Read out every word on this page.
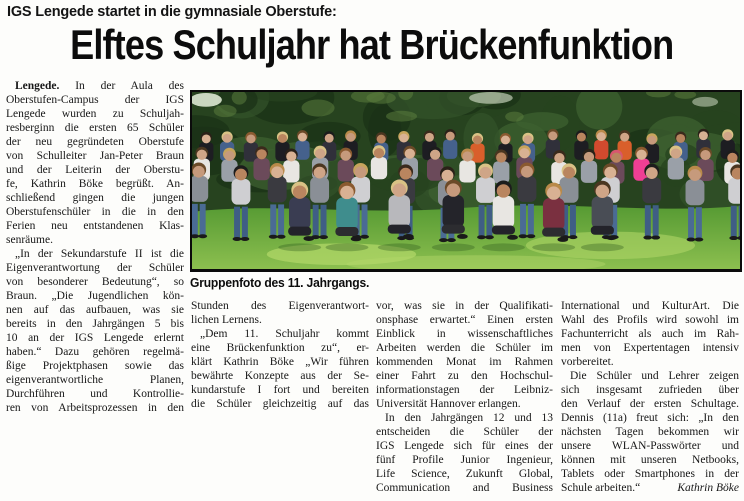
IGS Lengede startet in die gymnasiale Oberstufe:
Elftes Schuljahr hat Brückenfunktion
Lengede. In der Aula des
Oberstufen-Campus der IGS
Lengede wurden zu Schuljah-
resberginn die ersten 65 Schüler
der neu gegründeten Oberstufe
von Schulleiter Jan-Peter Braun
und der Leiterin der Oberstu-
fe, Kathrin Böke begrüßt. An-
schließend gingen die jungen
Oberstufenschüler in die in den
Ferien neu entstandenen Klas-
senräume.
„In der Sekundarstufe II ist die
Eigenverantwortung der Schüler
von besonderer Bedeutung“, so
Braun. „Die Jugendlichen kön-
nen auf das aufbauen, was sie
bereits in den Jahrgängen 5 bis
10 an der IGS Lengede erlernt
haben.“ Dazu gehören regelmä-
ßige Projektphasen sowie das
eigenverantwortliche Planen,
Durchführen und Kontrollie-
ren von Arbeitsprozessen in den
Gruppenfoto des 11. Jahrgangs.
Stunden des Eigenverantwort-
lichen Lernens.
„Dem 11. Schuljahr kommt
eine Brückenfunktion zu“, er-
klärt Kathrin Böke „Wir führen
bewährte Konzepte aus der Se-
kundarstufe I fort und bereiten
die Schüler gleichzeitig auf das
vor, was sie in der Qualifikati-
onsphase erwartet.“ Einen ersten
Einblick in wissenschaftliches
Arbeiten werden die Schüler im
kommenden Monat im Rahmen
einer Fahrt zu den Hochschul-
informationstagen der Leibniz-
Universität Hannover erlangen.
In den Jahrgängen 12 und 13
entscheiden die Schüler der
IGS Lengede sich für eines der
fünf Profile Junior Ingenieur,
Life Science, Zukunft Global,
Communication and Business
International und KulturArt. Die
Wahl des Profils wird sowohl im
Fachunterricht als auch im Rah-
men von Expertentagen intensiv
vorbereitet.
Die Schüler und Lehrer zeigen
sich insgesamt zufrieden über
den Verlauf der ersten Schultage.
Dennis (11a) freut sich: „In den
nächsten Tagen bekommen wir
unsere WLAN-Passwörter und
können mit unseren Netbooks,
Tablets oder Smartphones in der
Schule arbeiten.“	Kathrin Böke
